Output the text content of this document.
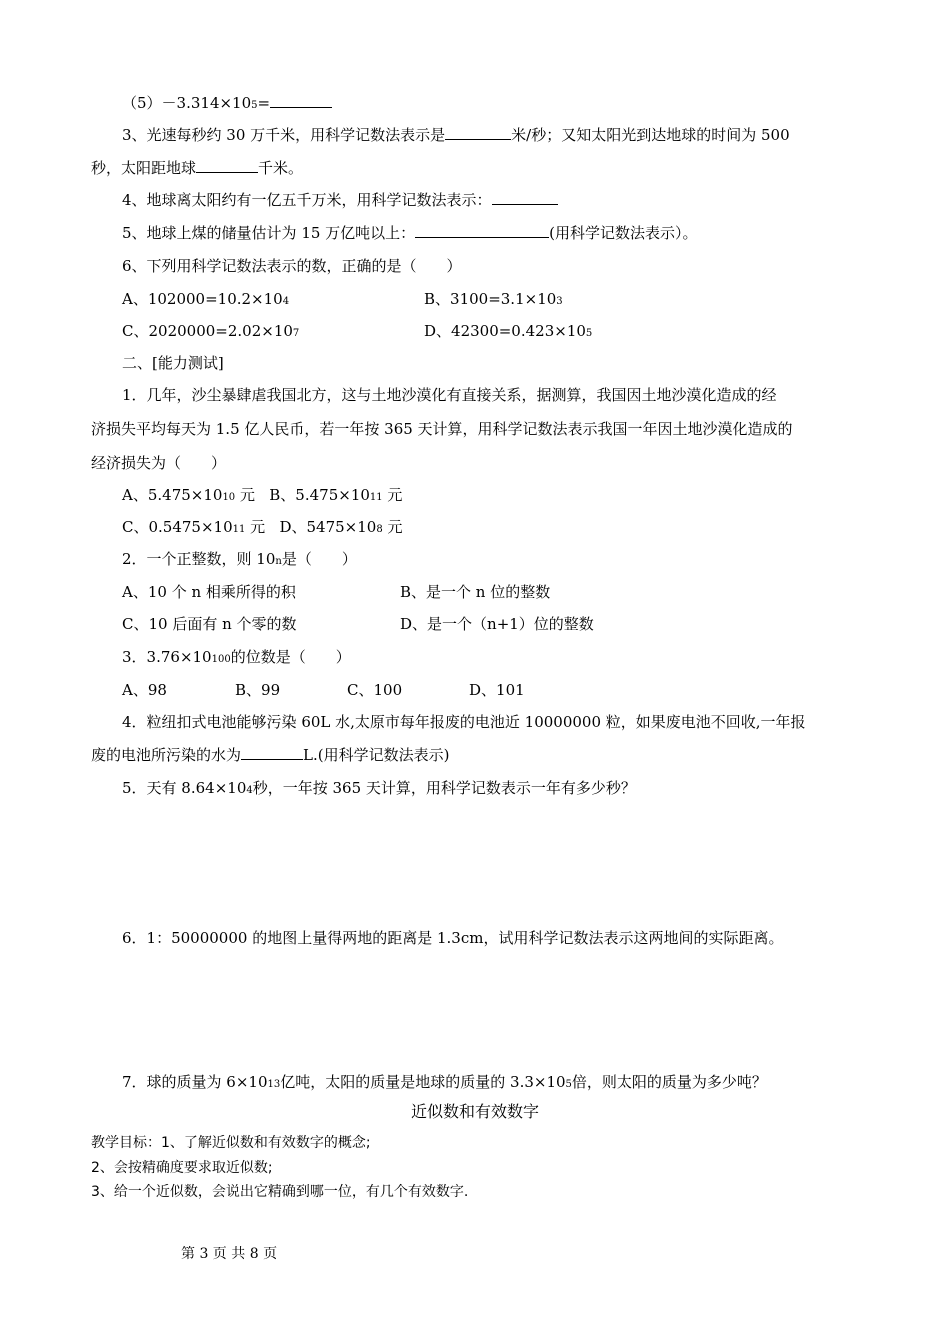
（5）－3.314×105=
3、光速每秒约 30 万千米，用科学记数法表示是	米/秒；又知太阳光到达地球的时间为 500
秒，太阳距地球	千米。
4、地球离太阳约有一亿五千万米，用科学记数法表示：
5、地球上煤的储量估计为 15 万亿吨以上：	(用科学记数法表示）。
6、下列用科学记数法表示的数，正确的是（　　）
A、102000=10.2×104	B、3100=3.1×103
C、2020000=2.02×107	D、42300=0.423×105
二、[能力测试]
1．几年，沙尘暴肆虐我国北方，这与土地沙漠化有直接关系，据测算，我国因土地沙漠化造成的经
济损失平均每天为 1.5 亿人民币，若一年按 365 天计算，用科学记数法表示我国一年因土地沙漠化造成的
经济损失为（　　）
A、5.475×1010 元 B、5.475×1011 元
C、0.5475×1011 元 D、5475×108 元
2．一个正整数，则 10n是（　　）
A、10 个 n 相乘所得的积	B、是一个 n 位的整数
C、10 后面有 n 个零的数	D、是一个（n+1）位的整数
3．3.76×10100的位数是（　　）
A、98	B、99	C、100	D、101
4．粒纽扣式电池能够污染 60L 水,太原市每年报废的电池近 10000000 粒，如果废电池不回收,一年报
废的电池所污染的水为	L.(用科学记数法表示)
5．天有 8.64×104秒，一年按 365 天计算，用科学记数表示一年有多少秒？
6．1：50000000 的地图上量得两地的距离是 1.3cm，试用科学记数法表示这两地间的实际距离。
7．球的质量为 6×1013亿吨，太阳的质量是地球的质量的 3.3×105倍，则太阳的质量为多少吨？
近似数和有效数字
教学目标：1、了解近似数和有效数字的概念;
2、会按精确度要求取近似数;
3、给一个近似数，会说出它精确到哪一位，有几个有效数字.
第 3 页 共 8 页
